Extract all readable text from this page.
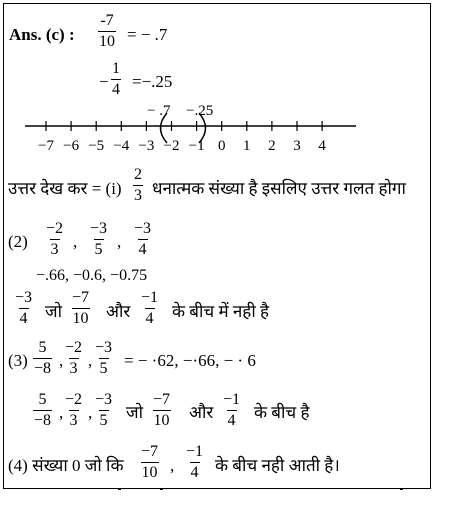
Ans. (c) : $\frac{-7}{10}$ = − .7
− $\frac{1}{4} =-.25$
−7 −6 −5 −4 −3 −2 −1 0 1 2 3 4
− .7 −.25
उत्तर देख कर = $(i) \frac{2}{3}$ धनात्मक संख्या है इसलिए उत्तर गलत होगा
$(2) \frac{-2}{3}$ , $\frac{-3}{5}$ , $\frac{-3}{4}$
−.66, −0.6, −0.75
$\frac{-3}{4}$ जो $\frac{-7}{10}$ और $\frac{-1}{4}$ के बीच में नही है
$(3) \frac{5}{-8}$ , $\frac{-2}{3}$ , $\frac{-3}{5}$ = − ·62, −·66, − · 6
$\frac{5}{-8}$ , $\frac{-2}{3}$ , $\frac{-3}{5}$ जो $\frac{-7}{10}$ और $\frac{-1}{4}$ के बीच है
(4) संख्या 0 जो कि $\frac{-7}{10}$ , $\frac{-1}{4}$ के बीच नही आती है।
